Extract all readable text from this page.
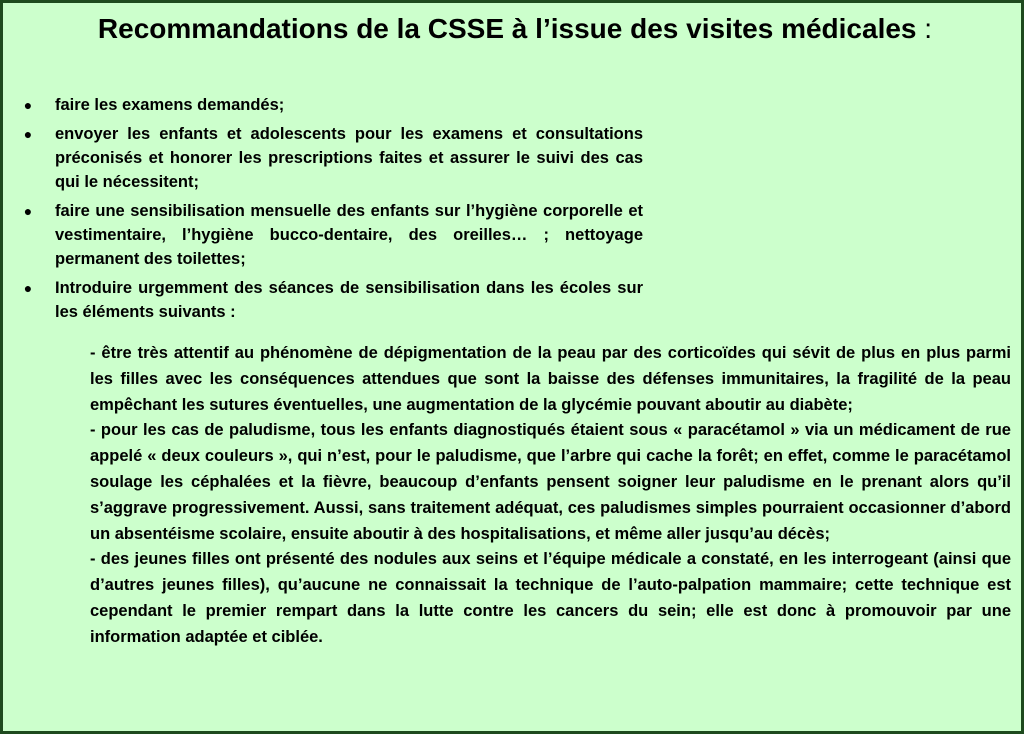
Recommandations de la CSSE à l’issue des visites médicales :
● faire les examens demandés;
● envoyer les enfants et adolescents pour les examens et consultations préconisés et honorer les prescriptions faites et assurer le suivi des cas qui le nécessitent;
● faire une sensibilisation mensuelle des enfants sur l’hygiène corporelle et vestimentaire, l’hygiène bucco-dentaire, des oreilles… ; nettoyage permanent des toilettes;
● Introduire urgemment des séances de sensibilisation dans les écoles sur les éléments suivants :
- être très attentif au phénomène de dépigmentation de la peau par des corticoïdes qui sévit de plus en plus parmi les filles avec les conséquences attendues que sont la baisse des défenses immunitaires, la fragilité de la peau empêchant les sutures éventuelles, une augmentation de la glycémie pouvant aboutir au diabète;
- pour les cas de paludisme, tous les enfants diagnostiqués étaient sous « paracétamol » via un médicament de rue appelé « deux couleurs », qui n’est, pour le paludisme, que l’arbre qui cache la forêt; en effet, comme le paracétamol soulage les céphalées et la fièvre, beaucoup d’enfants pensent soigner leur paludisme en le prenant alors qu’il s’aggrave progressivement. Aussi, sans traitement adéquat, ces paludismes simples pourraient occasionner d’abord un absentéisme scolaire, ensuite aboutir à des hospitalisations, et même aller jusqu’au décès;
- des jeunes filles ont présenté des nodules aux seins et l’équipe médicale a constaté, en les interrogeant (ainsi que d’autres jeunes filles), qu’aucune ne connaissait la technique de l’auto-palpation mammaire; cette technique est cependant le premier rempart dans la lutte contre les cancers du sein; elle est donc à promouvoir par une information adaptée et ciblée.
